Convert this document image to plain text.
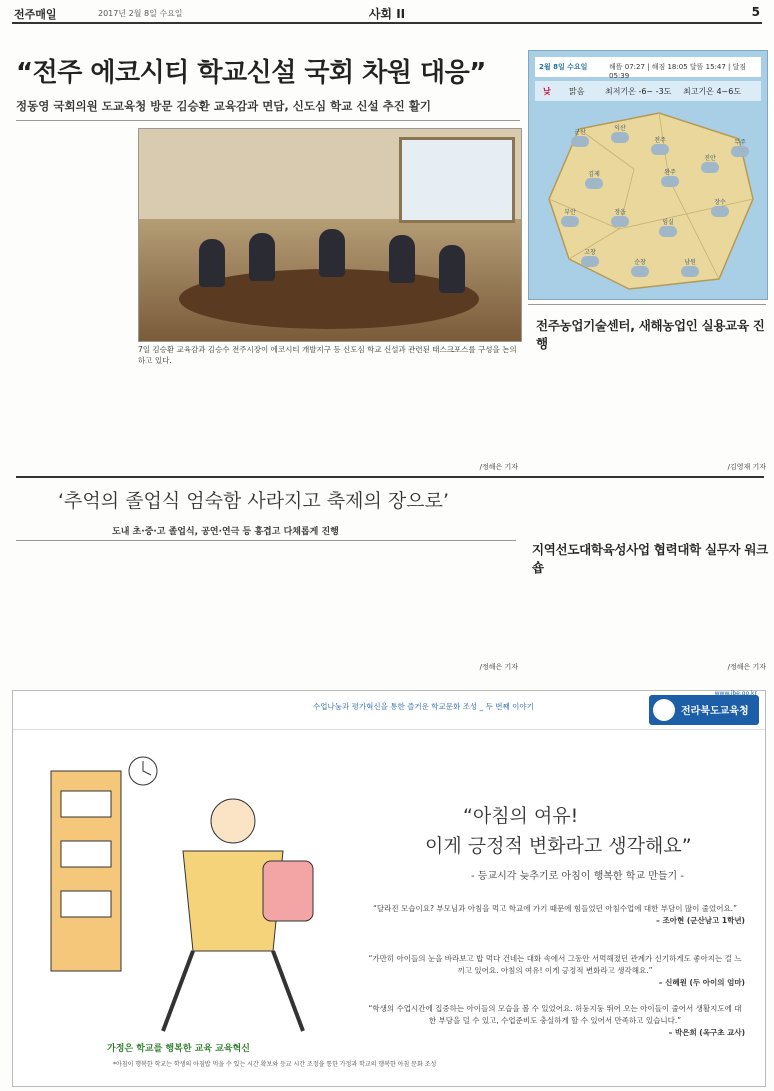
전주매일	2017년 2월 8일 수요일	사회 II	5
“전주 에코시티 학교신설 국회 차원 대응”
정동영 국회의원 도교육청 방문 김승환 교육감과 면담, 신도심 학교 신설 추진 활기

7일 김승환 교육감과 김승수 전주시장이 에코시티 개발지구 등 신도심 학교 신설과 관련된 태스크포스를 구성을 논의하고 있다.
/정해은 기자
2월 8일 수요일	해뜸 07:27 | 해짐 18:05 달뜸 15:47 | 달짐 05:39
낮 맑음	최저기온 -6~ -3도 최고기온 4~6도
군산
익산
전주
김제
부안	정읍
고창
완주
진안
무주
장수
임실
남원
순창
전주농업기술센터, 새해농업인 실용교육 진행
/김영재 기자
‘추억의 졸업식 엄숙함 사라지고 축제의 장으로’
도내 초·중·고 졸업식, 공연·연극 등 흥겹고 다채롭게 진행
/정해은 기자
지역선도대학육성사업 협력대학 실무자 워크숍
/정해은 기자
수업나눔과 평가혁신을 통한 즐거운 학교문화 조성 _ 두 번째 이야기	전라북도교육청
www.jbe.go.kr
“아침의 여유!
이게 긍정적 변화라고 생각해요”
- 등교시각 늦추기로 아침이 행복한 학교 만들기 -
“달라진 모습이요? 부모님과 아침을 먹고 학교에 가기 때문에 힘들었던 아침수업에 대한 부담이 많이 줄었어요.”
– 조아현 (군산남고 1학년)
“가만히 아이들의 눈을 바라보고 밥 먹다 건네는 대화 속에서 그동안 서먹해졌던 관계가 신기하게도 좋아지는 걸 느끼고 있어요. 아침의 여유! 이게 긍정적 변화라고 생각해요.”
– 신혜원 (두 아이의 엄마)
“학생의 수업시간에 집중하는 아이들의 모습을 볼 수 있었어요. 허둥지둥 뛰어 오는 아이들이 줄어서 생활지도에 대한 부담을 덜 수 있고, 수업준비도 충실하게 할 수 있어서 만족하고 있습니다.”
– 박은희 (옥구초 교사)
가정은 학교를 행복한 교육 교육혁신
*아침이 행복한 학교는 학생의 아침밥 먹을 수 있는 시간 확보와 등교 시간 조정을 통한 가정과 학교의 행복한 아침 문화 조성
